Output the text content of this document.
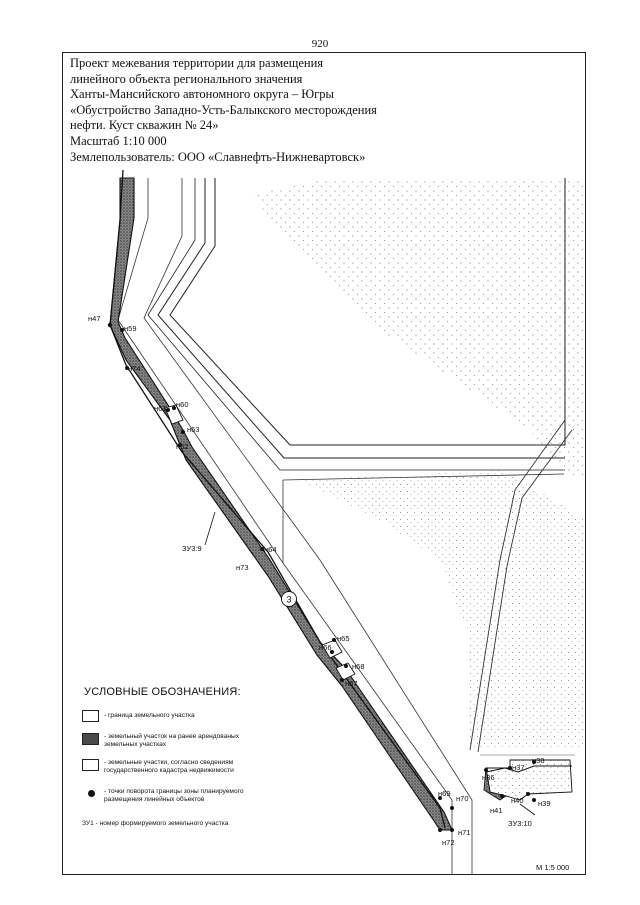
920
Проект межевания территории для размещения
линейного объекта регионального значения
Ханты-Мансийского автономного округа – Югры
«Обустройство Западно-Усть-Балыкского месторождения
нефти. Куст скважин № 24»
Масштаб 1:10 000
Землепользователь: ООО «Славнефть-Нижневартовск»
3
н47
н59
н74
н61 н60
н63
н62
н64
н73
н65
н66
н68
н67
н69
н70
н71
н72
н36
н37
н38
н41
н40 н39
ЗУ3:9
ЗУ3:10
УСЛОВНЫЕ ОБОЗНАЧЕНИЯ:
- граница земельного участка
- земельный участок на ранее арендованых
земельных участках
- земельные участки, согласно сведениям
государственного кадастра недвижимости
- точки поворота границы зоны планируемого
размещения линейных объектов
ЗУ1 - номер формируемого земельного участка
М 1:5 000
